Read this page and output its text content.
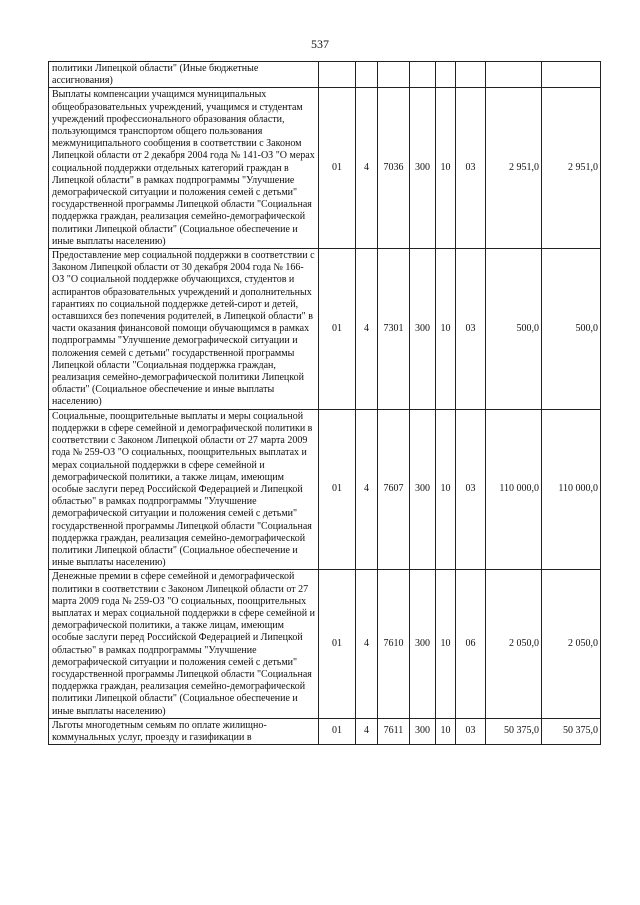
537
политики Липецкой области" (Иные бюджетные ассигнования)								
Выплаты компенсации учащимся муниципальных общеобразовательных учреждений, учащимся и студентам учреждений профессионального образования области, пользующимся транспортом общего пользования межмуниципального сообщения в соответствии с Законом Липецкой области от 2 декабря 2004 года № 141-ОЗ "О мерах социальной поддержки отдельных категорий граждан в Липецкой области" в рамках подпрограммы "Улучшение демографической ситуации и положения семей с детьми" государственной программы Липецкой области "Социальная поддержка граждан, реализация семейно-демографической политики Липецкой области" (Социальное обеспечение и иные выплаты населению)	01	4	7036	300	10	03	2 951,0	2 951,0
Предоставление мер социальной поддержки в соответствии с Законом Липецкой области от 30 декабря 2004 года № 166-ОЗ "О социальной поддержке обучающихся, студентов и аспирантов образовательных учреждений и дополнительных гарантиях по социальной поддержке детей-сирот и детей, оставшихся без попечения родителей, в Липецкой области" в части оказания финансовой помощи обучающимся в рамках подпрограммы "Улучшение демографической ситуации и положения семей с детьми" государственной программы Липецкой области "Социальная поддержка граждан, реализация семейно-демографической политики Липецкой области" (Социальное обеспечение и иные выплаты населению)	01	4	7301	300	10	03	500,0	500,0
Социальные, поощрительные выплаты и меры социальной поддержки в сфере семейной и демографической политики в соответствии с Законом Липецкой области от 27 марта 2009 года № 259-ОЗ "О социальных, поощрительных выплатах и мерах социальной поддержки в сфере семейной и демографической политики, а также лицам, имеющим особые заслуги перед Российской Федерацией и Липецкой областью" в рамках подпрограммы "Улучшение демографической ситуации и положения семей с детьми" государственной программы Липецкой области "Социальная поддержка граждан, реализация семейно-демографической политики Липецкой области" (Социальное обеспечение и иные выплаты населению)	01	4	7607	300	10	03	110 000,0	110 000,0
Денежные премии в сфере семейной и демографической политики в соответствии с Законом Липецкой области от 27 марта 2009 года № 259-ОЗ "О социальных, поощрительных выплатах и мерах социальной поддержки в сфере семейной и демографической политики, а также лицам, имеющим особые заслуги перед Российской Федерацией и Липецкой областью" в рамках подпрограммы "Улучшение демографической ситуации и положения семей с детьми" государственной программы Липецкой области "Социальная поддержка граждан, реализация семейно-демографической политики Липецкой области" (Социальное обеспечение и иные выплаты населению)	01	4	7610	300	10	06	2 050,0	2 050,0
Льготы многодетным семьям по оплате жилищно-коммунальных услуг, проезду и газификации в	01	4	7611	300	10	03	50 375,0	50 375,0
